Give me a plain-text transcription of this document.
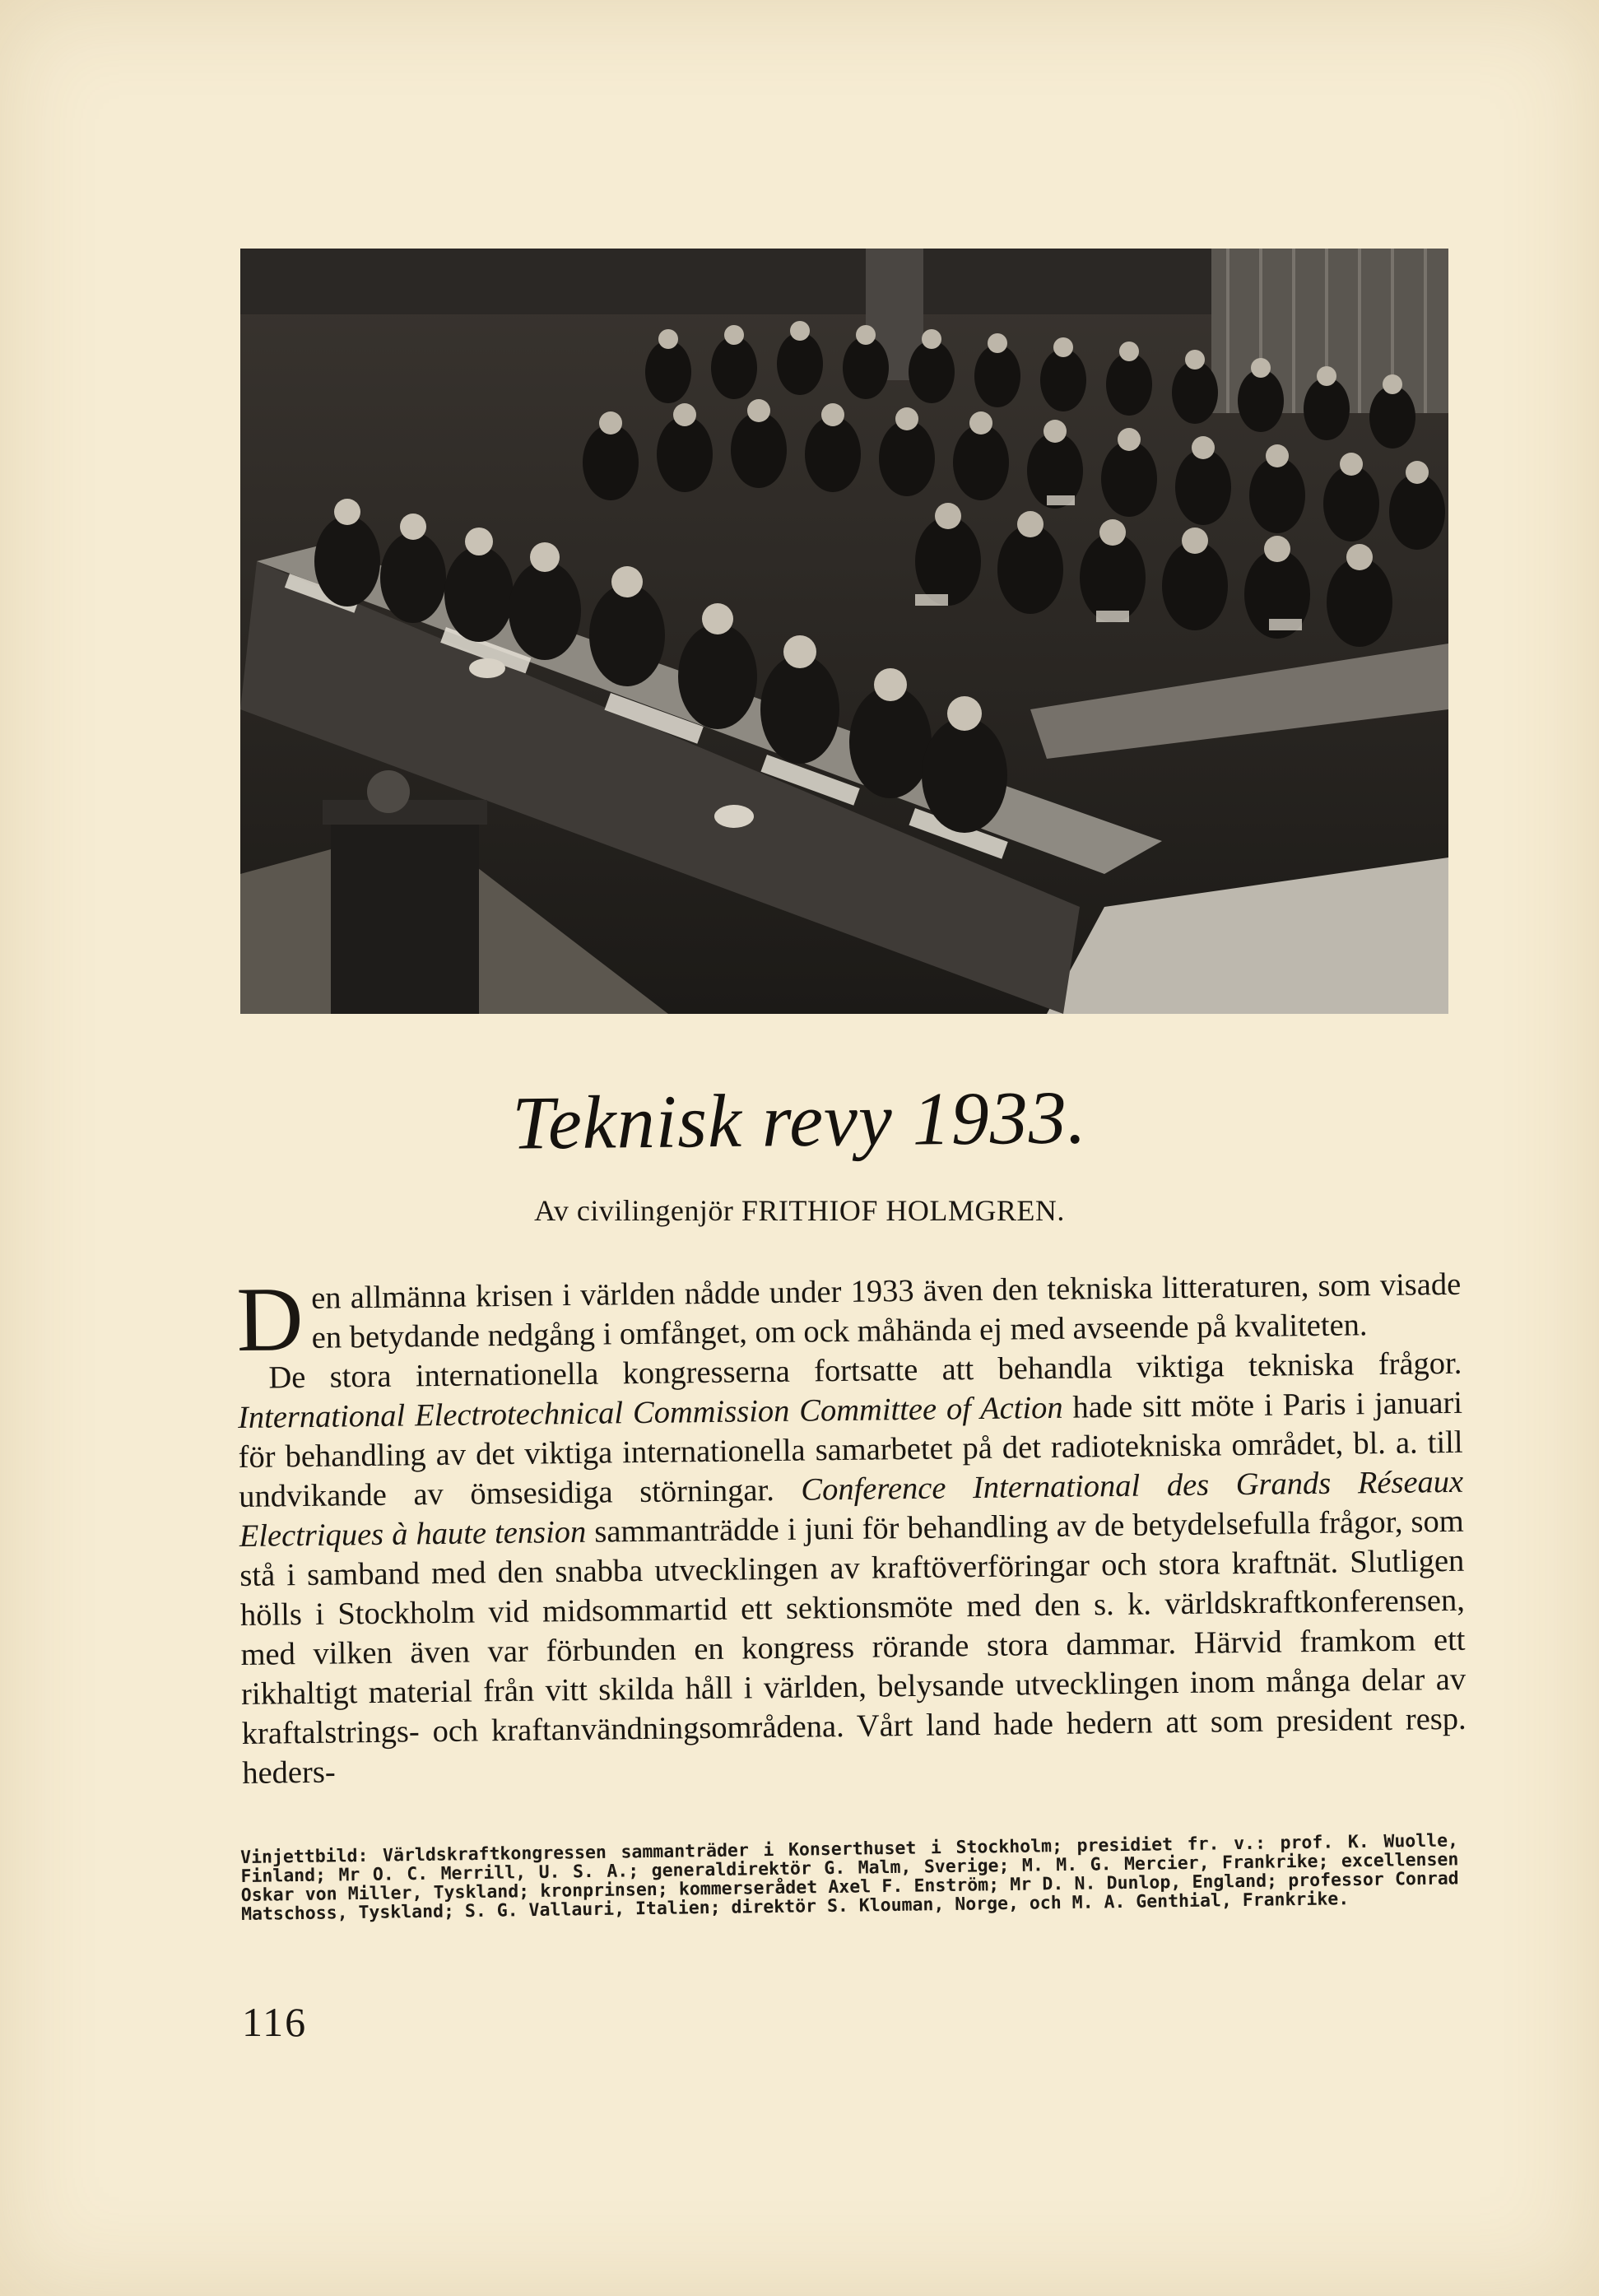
Teknisk revy 1933.
Av civilingenjör FRITHIOF HOLMGREN.

Den allmänna krisen i världen nådde under 1933 även den tekniska litteraturen, som visade en betydande nedgång i omfånget, om ock måhända ej med avseende på kvaliteten.

De stora internationella kongresserna fortsatte att behandla viktiga tekniska frågor. International Electrotechnical Commission Committee of Action hade sitt möte i Paris i januari för behandling av det viktiga internationella samarbetet på det radiotekniska området, bl. a. till undvikande av ömsesidiga störningar. Conference International des Grands Réseaux Electriques à haute tension sammanträdde i juni för behandling av de betydelsefulla frågor, som stå i samband med den snabba utvecklingen av kraftöverföringar och stora kraftnät. Slutligen hölls i Stockholm vid midsommartid ett sektionsmöte med den s. k. världskraftkonferensen, med vilken även var förbunden en kongress rörande stora dammar. Härvid framkom ett rikhaltigt material från vitt skilda håll i världen, belysande utvecklingen inom många delar av kraftalstrings- och kraftanvändningsområdena. Vårt land hade hedern att som president resp. heders-

Vinjettbild: Världskraftkongressen sammanträder i Konserthuset i Stockholm; presidiet fr. v.: prof. K. Wuolle, Finland; Mr O. C. Merrill, U. S. A.; generaldirektör G. Malm, Sverige; M. M. G. Mercier, Frankrike; excellensen Oskar von Miller, Tyskland; kronprinsen; kommerserådet Axel F. Enström; Mr D. N. Dunlop, England; professor Conrad Matschoss, Tyskland; S. G. Vallauri, Italien; direktör S. Klouman, Norge, och M. A. Genthial, Frankrike.
116
